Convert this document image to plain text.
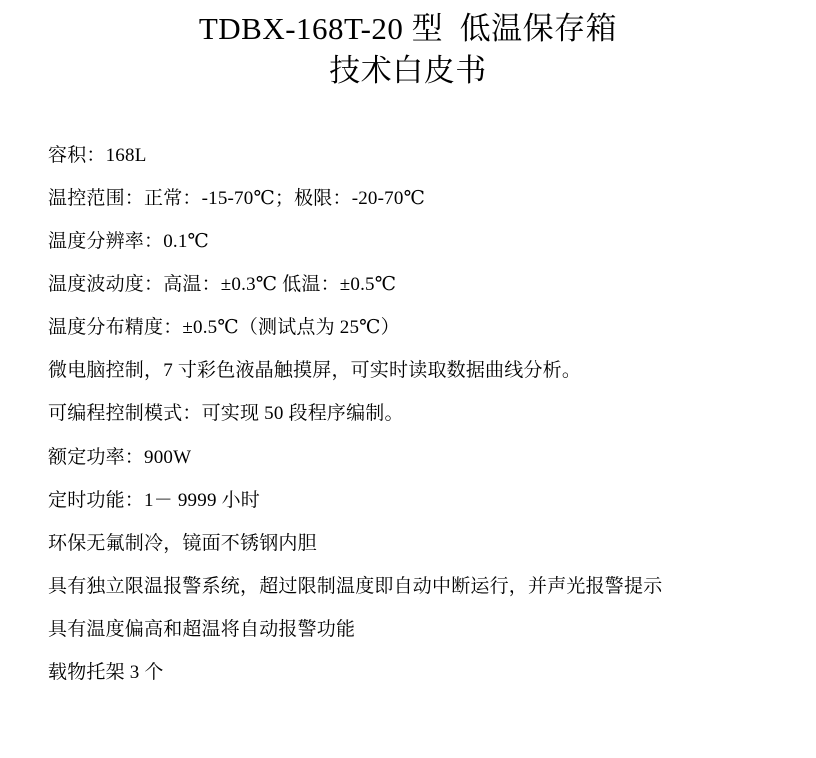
TDBX-168T-20 型  低温保存箱
技术白皮书
容积：168L
温控范围：正常：-15-70℃；极限：-20-70℃
温度分辨率：0.1℃
温度波动度：高温：±0.3℃ 低温：±0.5℃
温度分布精度：±0.5℃（测试点为 25℃）
微电脑控制，7 寸彩色液晶触摸屏，可实时读取数据曲线分析。
可编程控制模式：可实现 50 段程序编制。
额定功率：900W
定时功能：1－ 9999 小时
环保无氟制冷，镜面不锈钢内胆
具有独立限温报警系统，超过限制温度即自动中断运行，并声光报警提示
具有温度偏高和超温将自动报警功能
载物托架 3 个
